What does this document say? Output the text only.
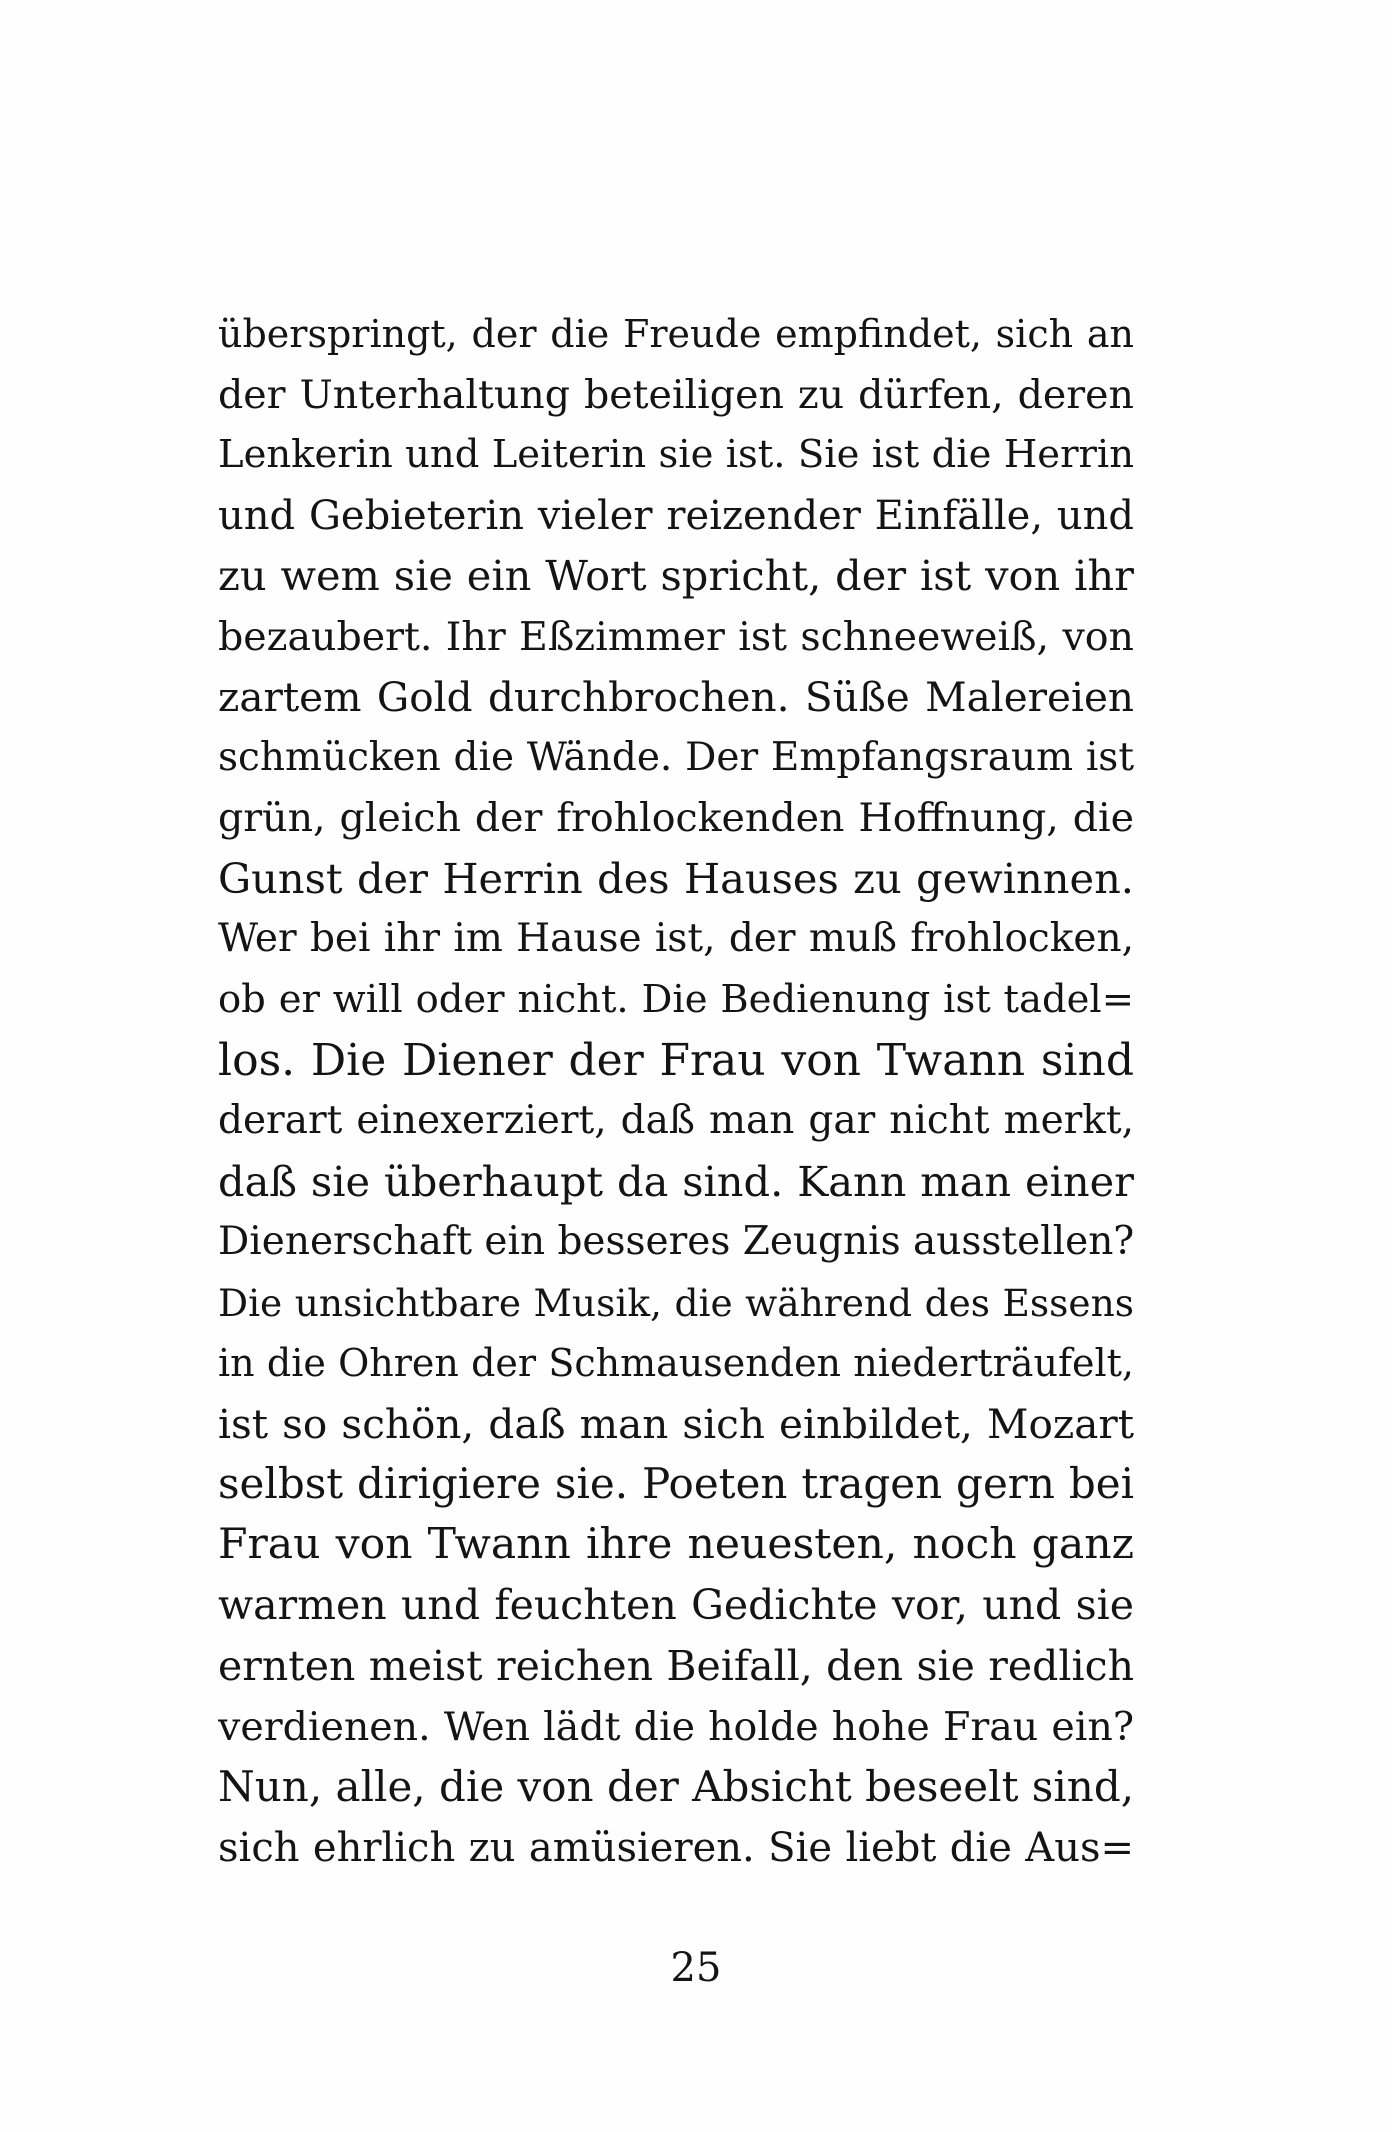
überspringt, der die Freude empfindet, sich an
der Unterhaltung beteiligen zu dürfen, deren
Lenkerin und Leiterin sie ist. Sie ist die Herrin
und Gebieterin vieler reizender Einfälle, und
zu wem sie ein Wort spricht, der ist von ihr
bezaubert. Ihr Eßzimmer ist schneeweiß, von
zartem Gold durchbrochen. Süße Malereien
schmücken die Wände. Der Empfangsraum ist
grün, gleich der frohlockenden Hoffnung, die
Gunst der Herrin des Hauses zu gewinnen.
Wer bei ihr im Hause ist, der muß frohlocken,
ob er will oder nicht. Die Bedienung ist tadel=
los. Die Diener der Frau von Twann sind
derart einexerziert, daß man gar nicht merkt,
daß sie überhaupt da sind. Kann man einer
Dienerschaft ein besseres Zeugnis ausstellen?
Die unsichtbare Musik, die während des Essens
in die Ohren der Schmausenden niederträufelt,
ist so schön, daß man sich einbildet, Mozart
selbst dirigiere sie. Poeten tragen gern bei
Frau von Twann ihre neuesten, noch ganz
warmen und feuchten Gedichte vor, und sie
ernten meist reichen Beifall, den sie redlich
verdienen. Wen lädt die holde hohe Frau ein?
Nun, alle, die von der Absicht beseelt sind,
sich ehrlich zu amüsieren. Sie liebt die Aus=
25
